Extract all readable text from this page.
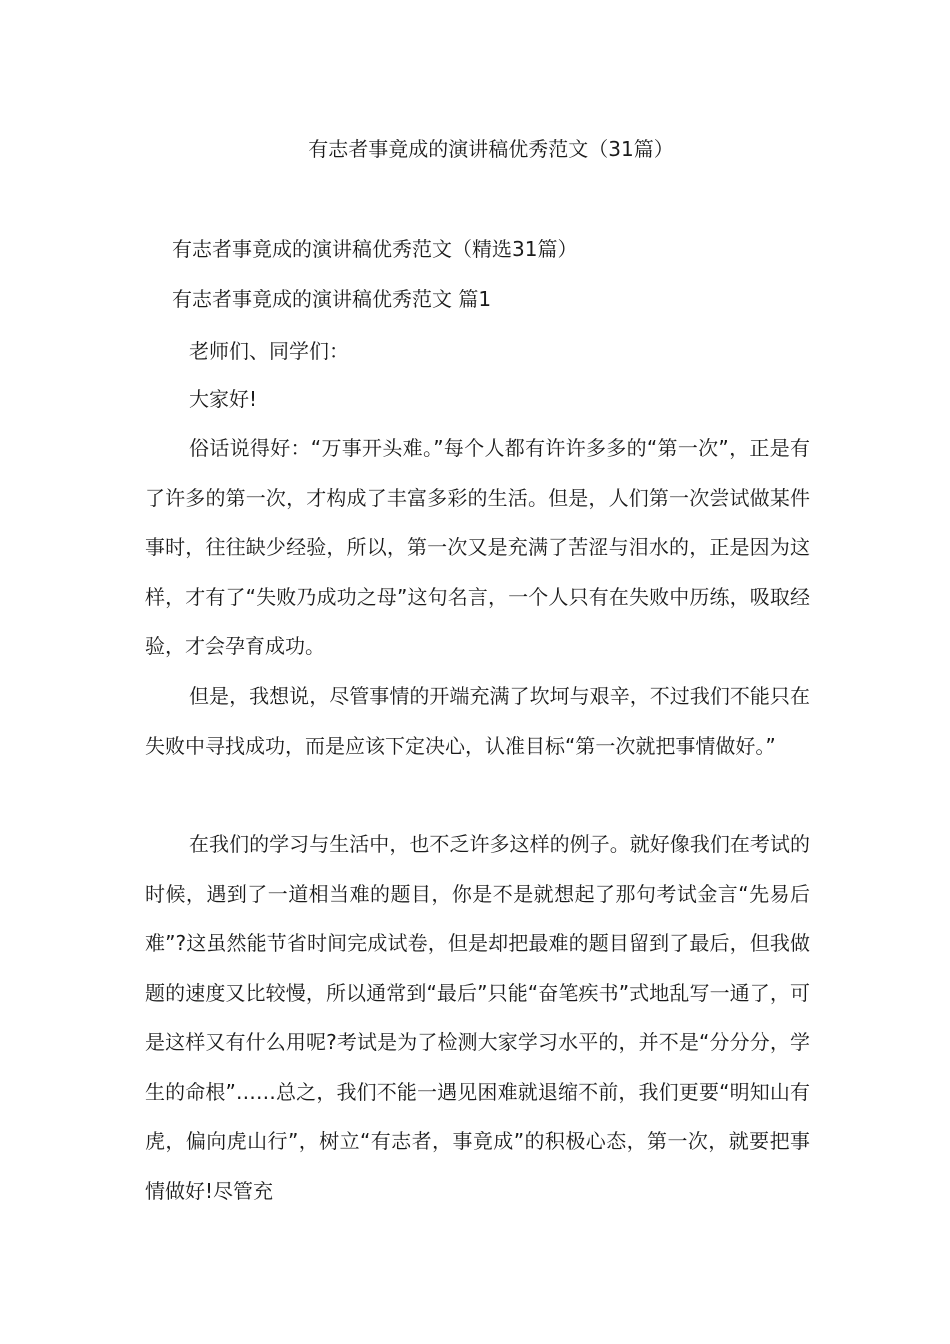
有志者事竟成的演讲稿优秀范文（31篇）
有志者事竟成的演讲稿优秀范文（精选31篇）
有志者事竟成的演讲稿优秀范文 篇1

老师们、同学们：

大家好!

俗话说得好：“万事开头难。”每个人都有许许多多的“第一次”，正是有了许多的第一次，才构成了丰富多彩的生活。但是，人们第一次尝试做某件事时，往往缺少经验，所以，第一次又是充满了苦涩与泪水的，正是因为这样，才有了“失败乃成功之母”这句名言，一个人只有在失败中历练，吸取经验，才会孕育成功。

但是，我想说，尽管事情的开端充满了坎坷与艰辛，不过我们不能只在失败中寻找成功，而是应该下定决心，认准目标“第一次就把事情做好。”

在我们的学习与生活中，也不乏许多这样的例子。就好像我们在考试的时候，遇到了一道相当难的题目，你是不是就想起了那句考试金言“先易后难”?这虽然能节省时间完成试卷，但是却把最难的题目留到了最后，但我做题的速度又比较慢，所以通常到“最后”只能“奋笔疾书”式地乱写一通了，可是这样又有什么用呢?考试是为了检测大家学习水平的，并不是“分分分，学生的命根”……总之，我们不能一遇见困难就退缩不前，我们更要“明知山有虎，偏向虎山行”，树立“有志者，事竟成”的积极心态，第一次，就要把事情做好!尽管充
